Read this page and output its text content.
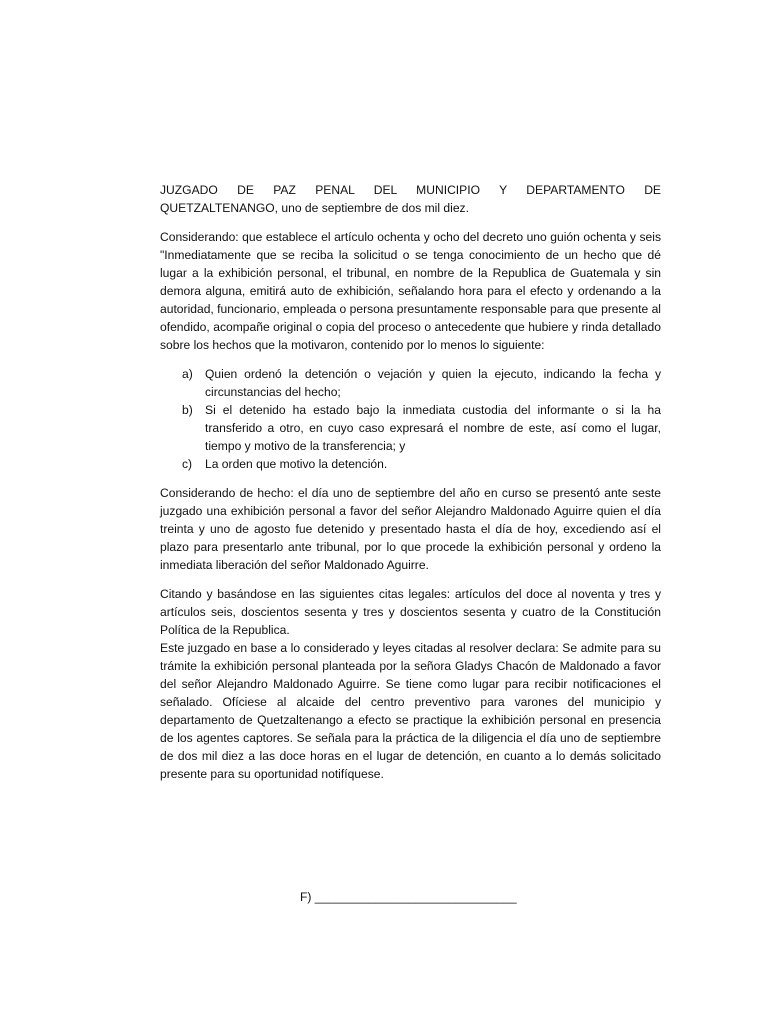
JUZGADO DE PAZ PENAL DEL MUNICIPIO Y DEPARTAMENTO DE

QUETZALTENANGO, uno de septiembre de dos mil diez.

Considerando: que establece el artículo ochenta y ocho del decreto uno guión ochenta y seis "Inmediatamente que se reciba la solicitud o se tenga conocimiento de un hecho que dé lugar a la exhibición personal, el tribunal, en nombre de la Republica de Guatemala y sin demora alguna, emitirá auto de exhibición, señalando hora para el efecto y ordenando a la autoridad, funcionario, empleada o persona presuntamente responsable para que presente al ofendido, acompañe original o copia del proceso o antecedente que hubiere y rinda detallado sobre los hechos que la motivaron, contenido por lo menos lo siguiente:

a)	Quien ordenó la detención o vejación y quien la ejecuto, indicando la fecha y circunstancias del hecho;
b)	Si el detenido ha estado bajo la inmediata custodia del informante o si la ha transferido a otro, en cuyo caso expresará el nombre de este, así como el lugar, tiempo y motivo de la transferencia; y
c)	La orden que motivo la detención.

Considerando de hecho: el día uno de septiembre del año en curso se presentó ante seste juzgado una exhibición personal a favor del señor Alejandro Maldonado Aguirre quien el día treinta y uno de agosto fue detenido y presentado hasta el día de hoy, excediendo así el plazo para presentarlo ante tribunal, por lo que procede la exhibición personal y ordeno la inmediata liberación del señor Maldonado Aguirre.

Citando y basándose en las siguientes citas legales: artículos del doce al noventa y tres y artículos seis, doscientos sesenta y tres y doscientos sesenta y cuatro de la Constitución Política de la Republica.

Este juzgado en base a lo considerado y leyes citadas al resolver declara: Se admite para su trámite la exhibición personal planteada por la señora Gladys Chacón de Maldonado a favor del señor Alejandro Maldonado Aguirre. Se tiene como lugar para recibir notificaciones el señalado. Ofíciese al alcaide del centro preventivo para varones del municipio y departamento de Quetzaltenango a efecto se practique la exhibición personal en presencia de los agentes captores. Se señala para la práctica de la diligencia el día uno de septiembre de dos mil diez a las doce horas en el lugar de detención, en cuanto a lo demás solicitado presente para su oportunidad notifíquese.

F) ______________________________
